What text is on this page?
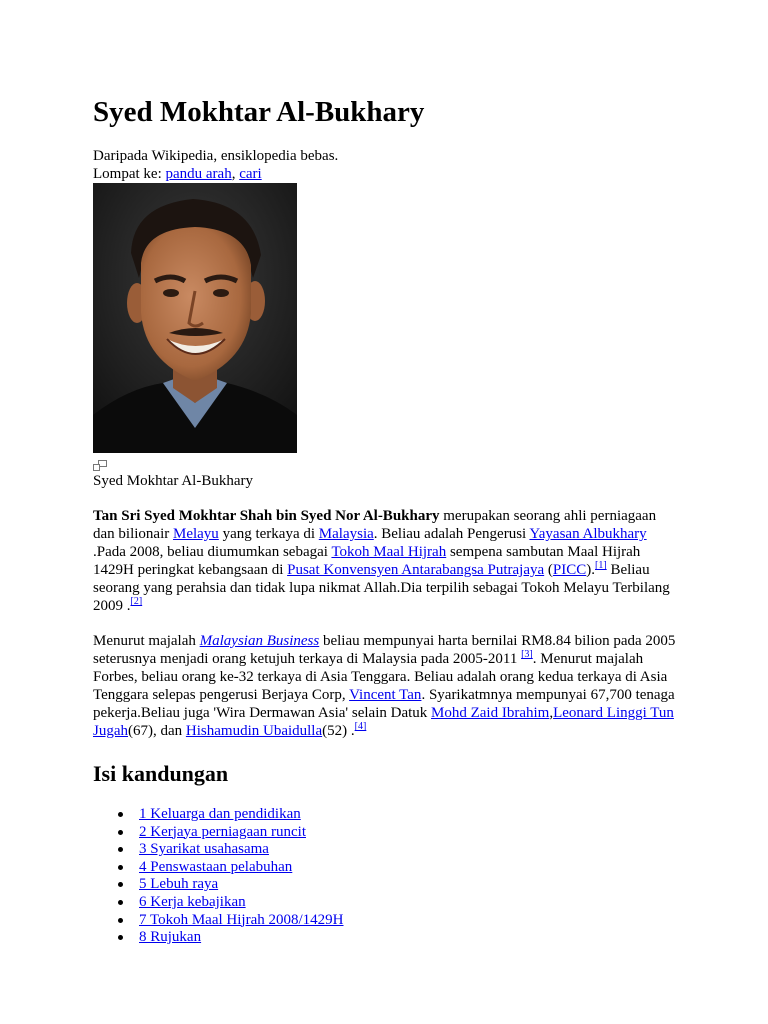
Syed Mokhtar Al-Bukhary
Daripada Wikipedia, ensiklopedia bebas.
Lompat ke: pandu arah, cari
Syed Mokhtar Al-Bukhary

Tan Sri Syed Mokhtar Shah bin Syed Nor Al-Bukhary merupakan seorang ahli perniagaan dan bilionair Melayu yang terkaya di Malaysia. Beliau adalah Pengerusi Yayasan Albukhary .Pada 2008, beliau diumumkan sebagai Tokoh Maal Hijrah sempena sambutan Maal Hijrah 1429H peringkat kebangsaan di Pusat Konvensyen Antarabangsa Putrajaya (PICC).[1] Beliau seorang yang perahsia dan tidak lupa nikmat Allah.Dia terpilih sebagai Tokoh Melayu Terbilang 2009 .[2]

Menurut majalah Malaysian Business beliau mempunyai harta bernilai RM8.84 bilion pada 2005 seterusnya menjadi orang ketujuh terkaya di Malaysia pada 2005-2011 [3]. Menurut majalah Forbes, beliau orang ke-32 terkaya di Asia Tenggara. Beliau adalah orang kedua terkaya di Asia Tenggara selepas pengerusi Berjaya Corp, Vincent Tan. Syarikatmnya mempunyai 67,700 tenaga pekerja.Beliau juga 'Wira Dermawan Asia' selain Datuk Mohd Zaid Ibrahim,Leonard Linggi Tun Jugah(67), dan Hishamudin Ubaidulla(52) .[4]

Isi kandungan
1 Keluarga dan pendidikan
2 Kerjaya perniagaan runcit
3 Syarikat usahasama
4 Penswastaan pelabuhan
5 Lebuh raya
6 Kerja kebajikan
7 Tokoh Maal Hijrah 2008/1429H
8 Rujukan
